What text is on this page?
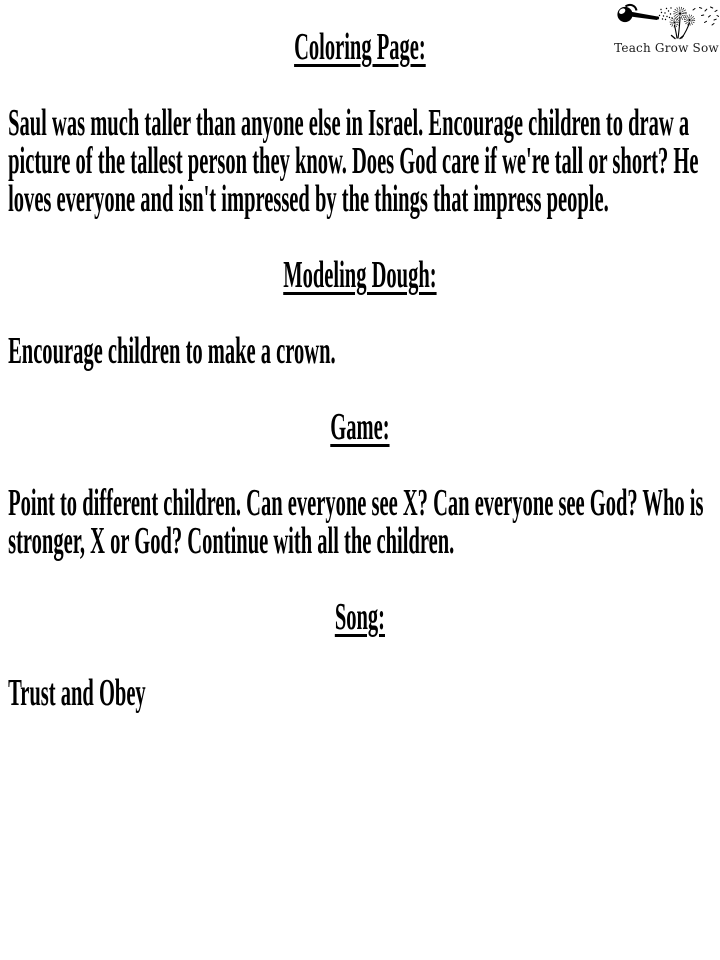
Teach Grow Sow
Coloring Page:
Saul was much taller than anyone else in Israel. Encourage children to draw a
picture of the tallest person they know. Does God care if we're tall or short? He
loves everyone and isn't impressed by the things that impress people.
Modeling Dough:
Encourage children to make a crown.
Game:
Point to different children. Can everyone see X? Can everyone see God? Who is
stronger, X or God? Continue with all the children.
Song:
Trust and Obey
